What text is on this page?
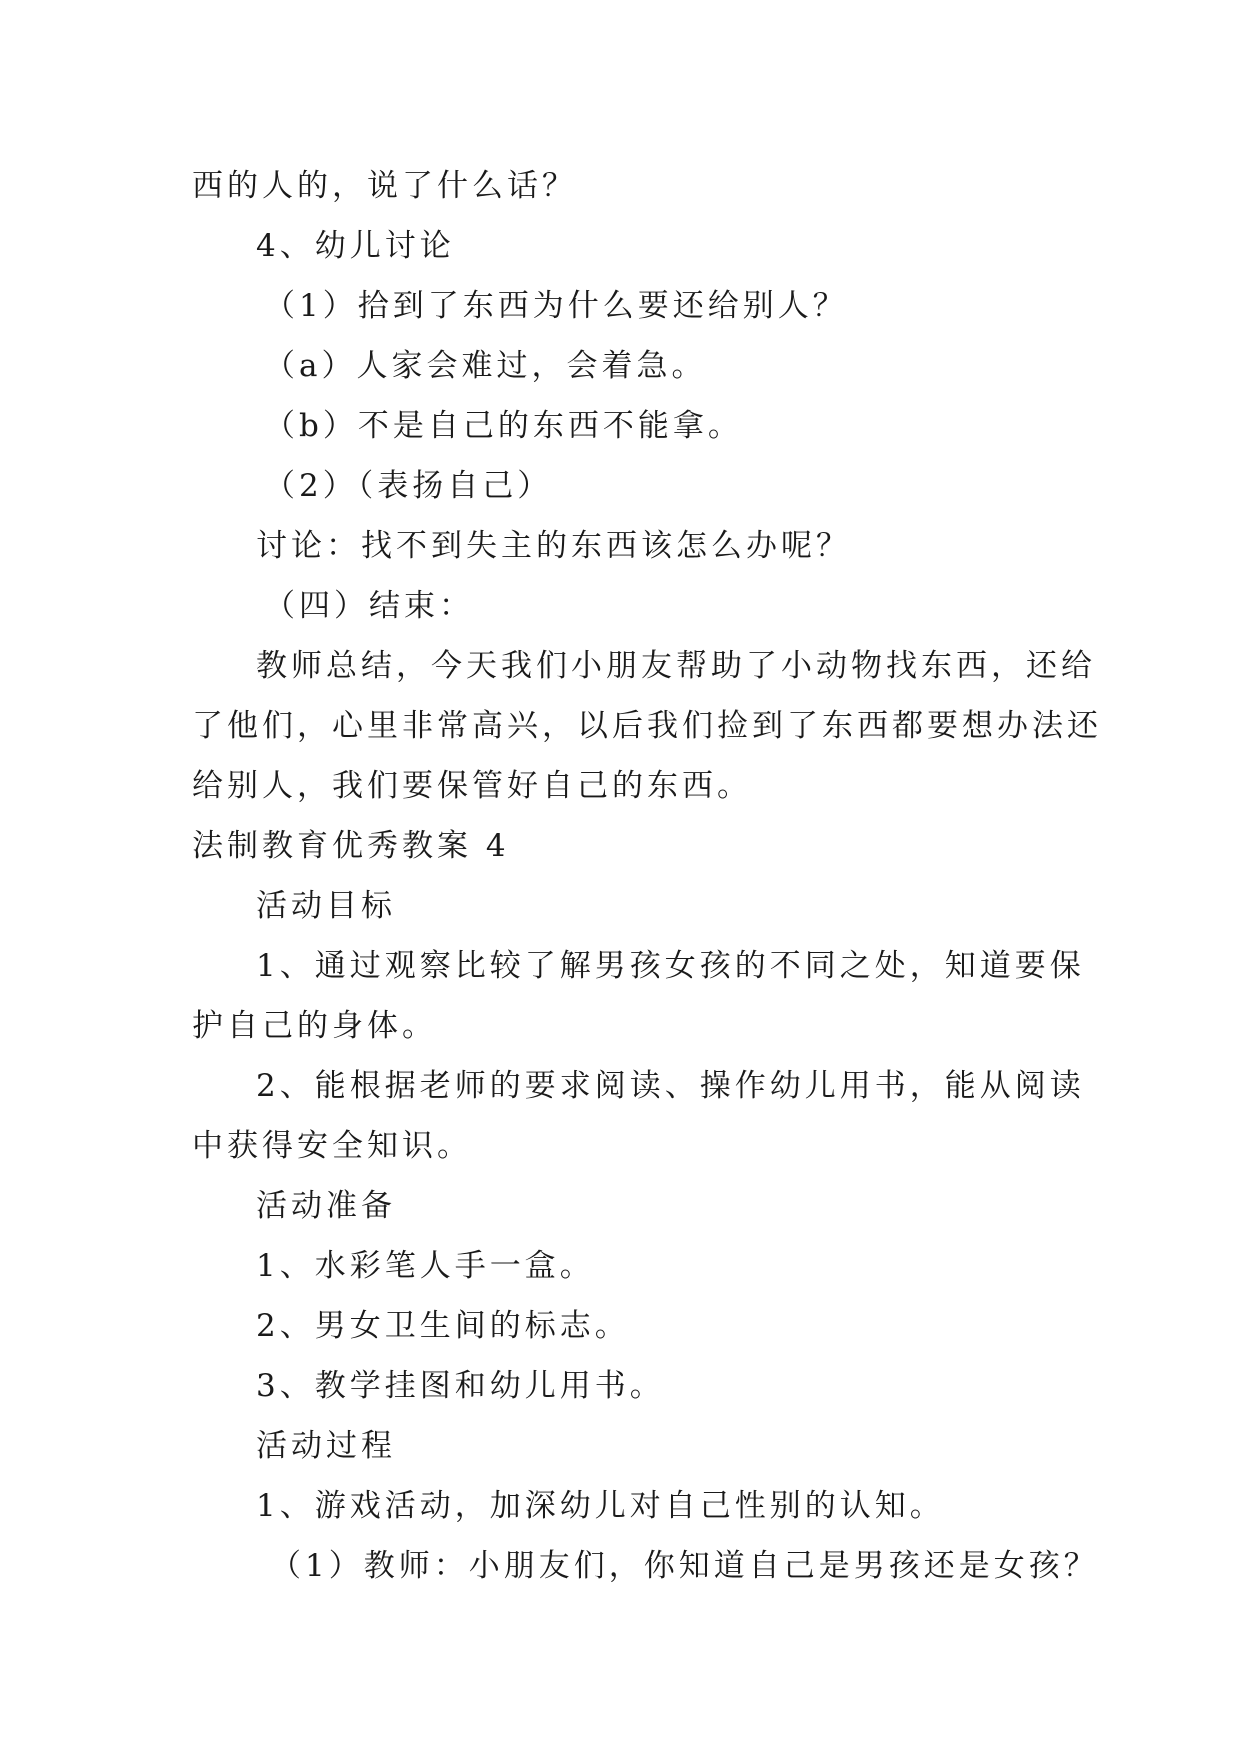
西的人的，说了什么话？
4、幼儿讨论
（1）拾到了东西为什么要还给别人？
（a）人家会难过，会着急。
（b）不是自己的东西不能拿。
（2）（表扬自己）
讨论：找不到失主的东西该怎么办呢？
（四）结束：
教师总结，今天我们小朋友帮助了小动物找东西，还给
了他们，心里非常高兴，以后我们捡到了东西都要想办法还
给别人，我们要保管好自己的东西。
法制教育优秀教案 4
活动目标
1、通过观察比较了解男孩女孩的不同之处，知道要保
护自己的身体。
2、能根据老师的要求阅读、操作幼儿用书，能从阅读
中获得安全知识。
活动准备
1、水彩笔人手一盒。
2、男女卫生间的标志。
3、教学挂图和幼儿用书。
活动过程
1、游戏活动，加深幼儿对自己性别的认知。
（1）教师：小朋友们，你知道自己是男孩还是女孩？
